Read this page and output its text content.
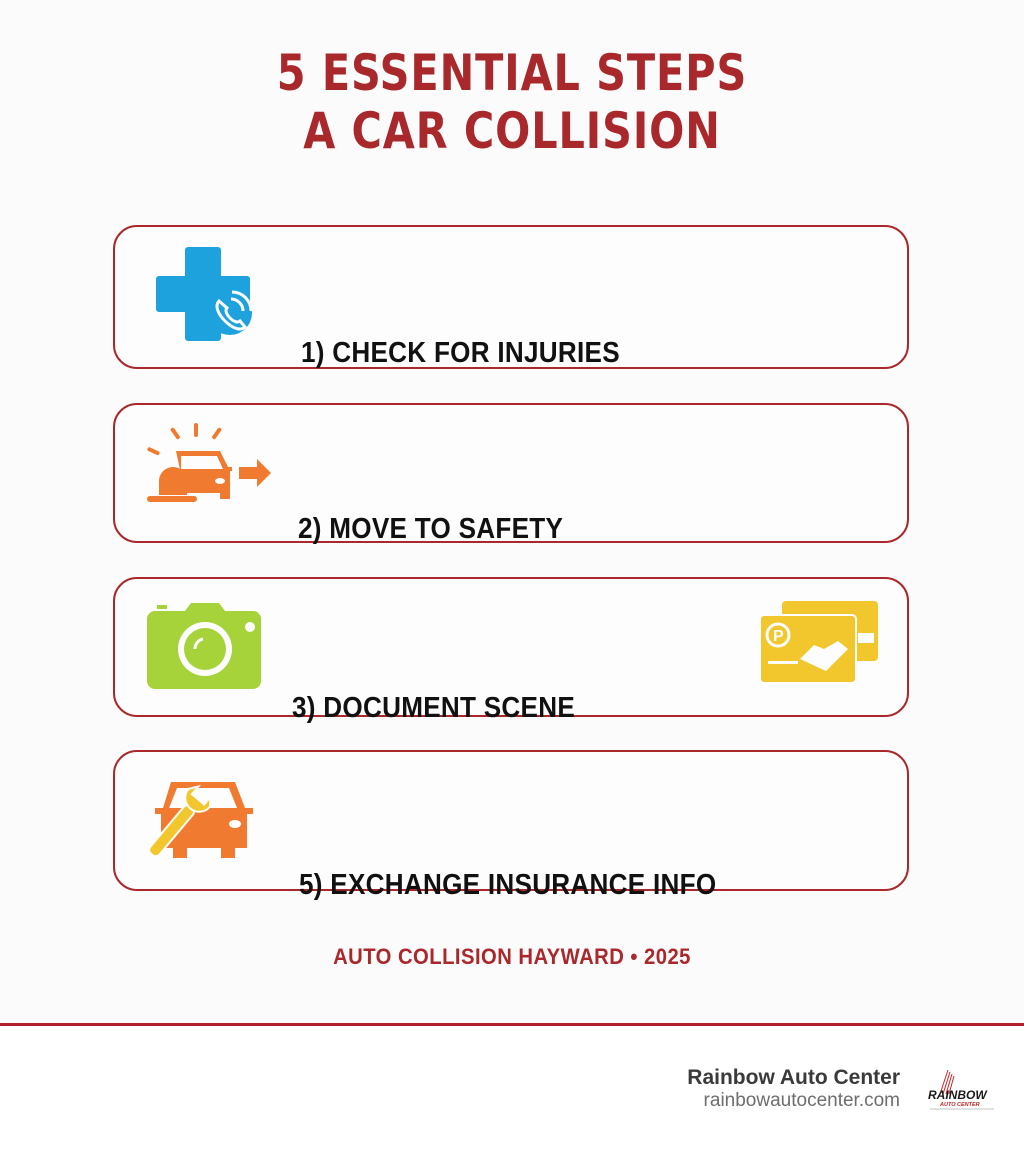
5 ESSENTIAL STEPS
A CAR COLLISION

1) CHECK FOR INJURIES

2) MOVE TO SAFETY

3) DOCUMENT SCENE

P

5) EXCHANGE INSURANCE INFO

AUTO COLLISION HAYWARD • 2025
Rainbow Auto Center
rainbowautocenter.com RAINBOW
AUTO CENTER
